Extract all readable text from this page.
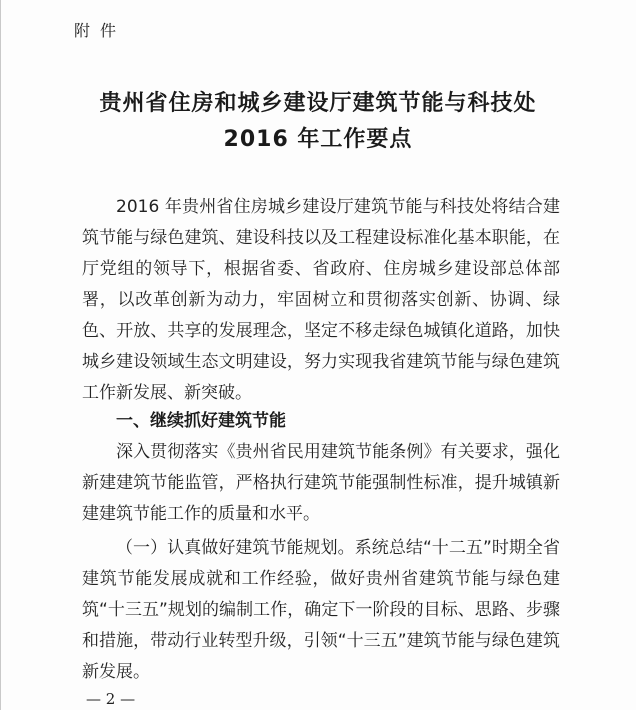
附件
贵州省住房和城乡建设厅建筑节能与科技处
2016 年工作要点
2016 年贵州省住房城乡建设厅建筑节能与科技处将结合建筑节能与绿色建筑、建设科技以及工程建设标准化基本职能，在厅党组的领导下，根据省委、省政府、住房城乡建设部总体部署，以改革创新为动力，牢固树立和贯彻落实创新、协调、绿色、开放、共享的发展理念，坚定不移走绿色城镇化道路，加快城乡建设领域生态文明建设，努力实现我省建筑节能与绿色建筑工作新发展、新突破。
一、继续抓好建筑节能
深入贯彻落实《贵州省民用建筑节能条例》有关要求，强化新建建筑节能监管，严格执行建筑节能强制性标准，提升城镇新建建筑节能工作的质量和水平。
（一）认真做好建筑节能规划。系统总结“十二五”时期全省建筑节能发展成就和工作经验，做好贵州省建筑节能与绿色建筑“十三五”规划的编制工作，确定下一阶段的目标、思路、步骤和措施，带动行业转型升级，引领“十三五”建筑节能与绿色建筑新发展。
— 2 —
